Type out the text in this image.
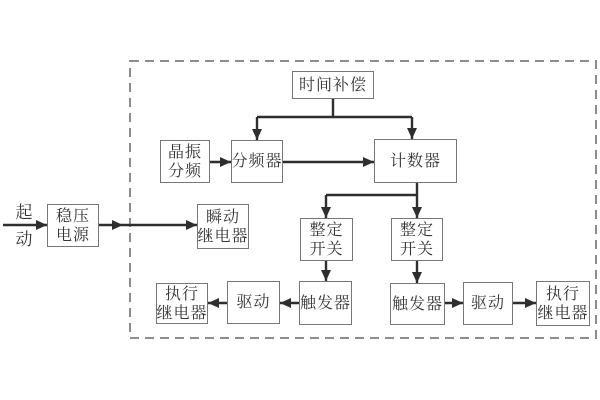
起
动
稳压
电源
时间补偿
晶振
分频
分频器	计数器
瞬动
继电器	整定
开关
整定
开关
触发器
驱动
执行
继电器
触发器 驱动
执行
继电器
